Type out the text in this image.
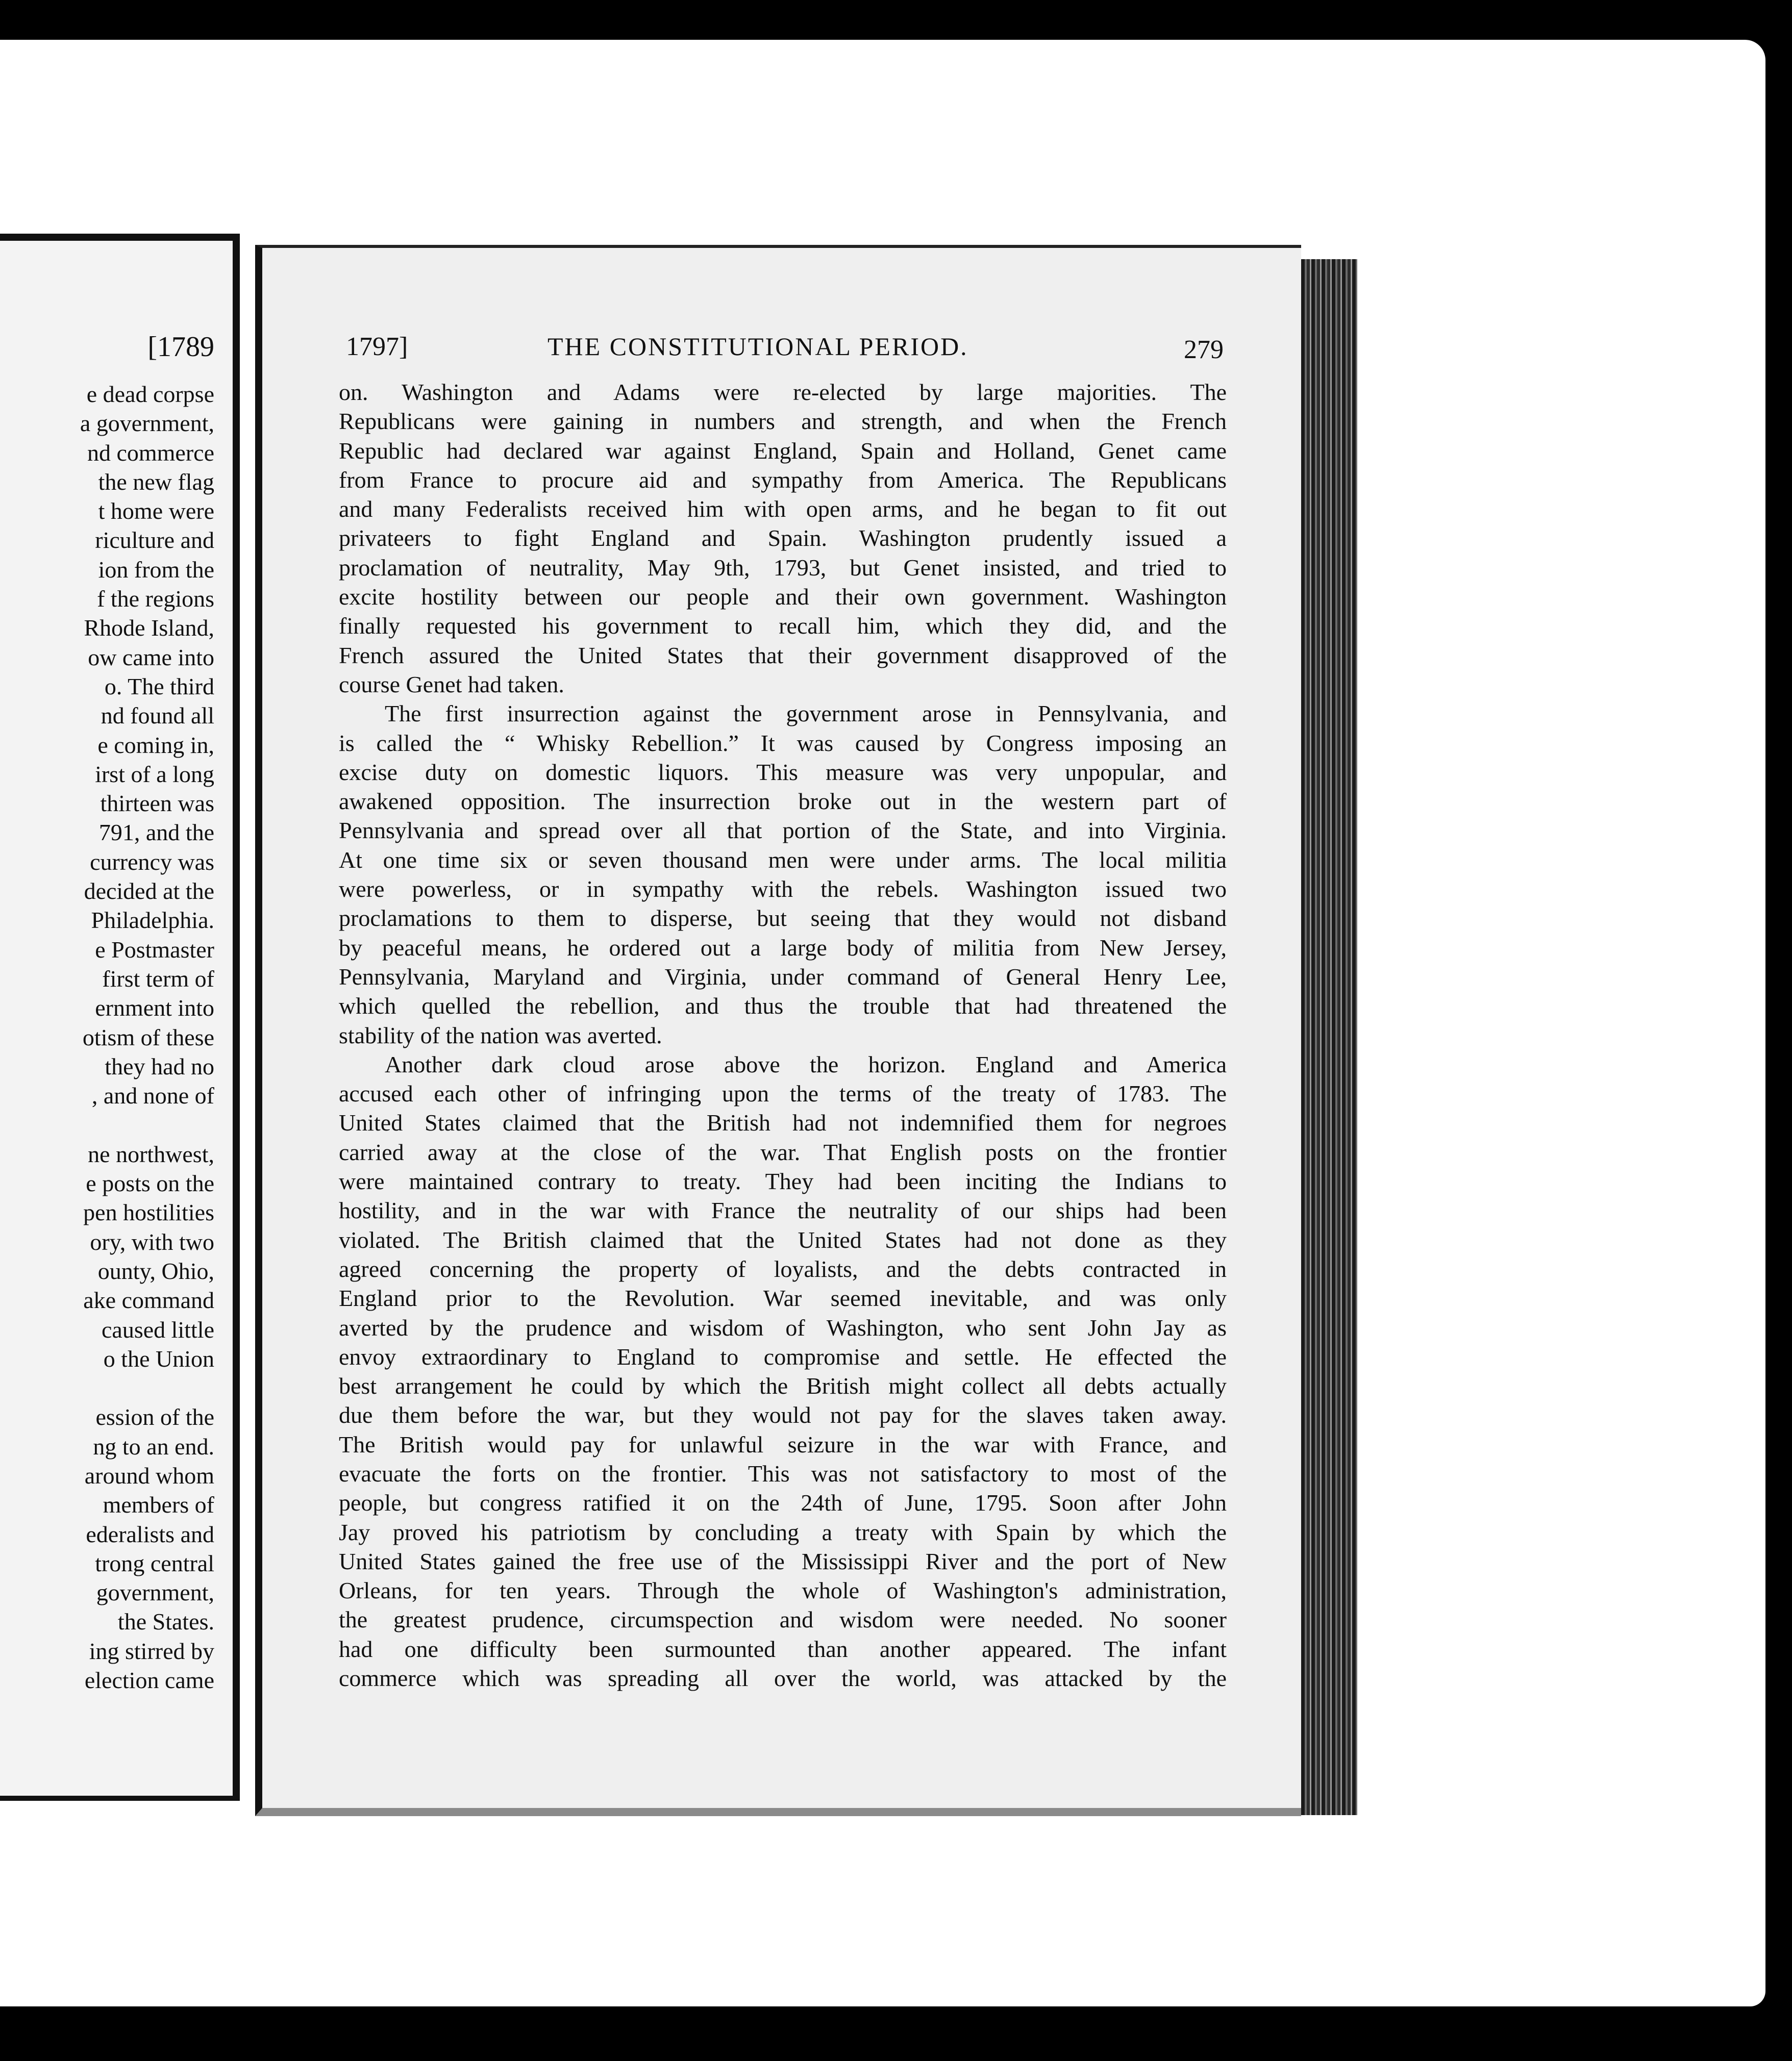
[1789
e dead corpse
a government,
nd commerce
the new flag
t home were
riculture and
ion from the
f the regions
Rhode Island,
ow came into
o. The third
nd found all
e coming in,
irst of a long
thirteen was
791, and the
currency was
decided at the
Philadelphia.
e Postmaster
first term of
ernment into
otism of these
they had no
, and none of

ne northwest,
e posts on the
pen hostilities
ory, with two
ounty, Ohio,
ake command
caused little
o the Union

ession of the
ng to an end.
around whom
members of
ederalists and
trong central
government,
the States.
ing stirred by
election came
1797]	THE CONSTITUTIONAL PERIOD.	279
on. Washington and Adams were re-elected by large majorities. The
Republicans were gaining in numbers and strength, and when the French
Republic had declared war against England, Spain and Holland, Genet came
from France to procure aid and sympathy from America. The Republicans
and many Federalists received him with open arms, and he began to fit out
privateers to fight England and Spain. Washington prudently issued a
proclamation of neutrality, May 9th, 1793, but Genet insisted, and tried to
excite hostility between our people and their own government. Washington
finally requested his government to recall him, which they did, and the
French assured the United States that their government disapproved of the
course Genet had taken.
The first insurrection against the government arose in Pennsylvania, and
is called the “ Whisky Rebellion.” It was caused by Congress imposing an
excise duty on domestic liquors. This measure was very unpopular, and
awakened opposition. The insurrection broke out in the western part of
Pennsylvania and spread over all that portion of the State, and into Virginia.
At one time six or seven thousand men were under arms. The local militia
were powerless, or in sympathy with the rebels. Washington issued two
proclamations to them to disperse, but seeing that they would not disband
by peaceful means, he ordered out a large body of militia from New Jersey,
Pennsylvania, Maryland and Virginia, under command of General Henry Lee,
which quelled the rebellion, and thus the trouble that had threatened the
stability of the nation was averted.
Another dark cloud arose above the horizon. England and America
accused each other of infringing upon the terms of the treaty of 1783. The
United States claimed that the British had not indemnified them for negroes
carried away at the close of the war. That English posts on the frontier
were maintained contrary to treaty. They had been inciting the Indians to
hostility, and in the war with France the neutrality of our ships had been
violated. The British claimed that the United States had not done as they
agreed concerning the property of loyalists, and the debts contracted in
England prior to the Revolution. War seemed inevitable, and was only
averted by the prudence and wisdom of Washington, who sent John Jay as
envoy extraordinary to England to compromise and settle. He effected the
best arrangement he could by which the British might collect all debts actually
due them before the war, but they would not pay for the slaves taken away.
The British would pay for unlawful seizure in the war with France, and
evacuate the forts on the frontier. This was not satisfactory to most of the
people, but congress ratified it on the 24th of June, 1795. Soon after John
Jay proved his patriotism by concluding a treaty with Spain by which the
United States gained the free use of the Mississippi River and the port of New
Orleans, for ten years. Through the whole of Washington's administration,
the greatest prudence, circumspection and wisdom were needed. No sooner
had one difficulty been surmounted than another appeared. The infant
commerce which was spreading all over the world, was attacked by the
